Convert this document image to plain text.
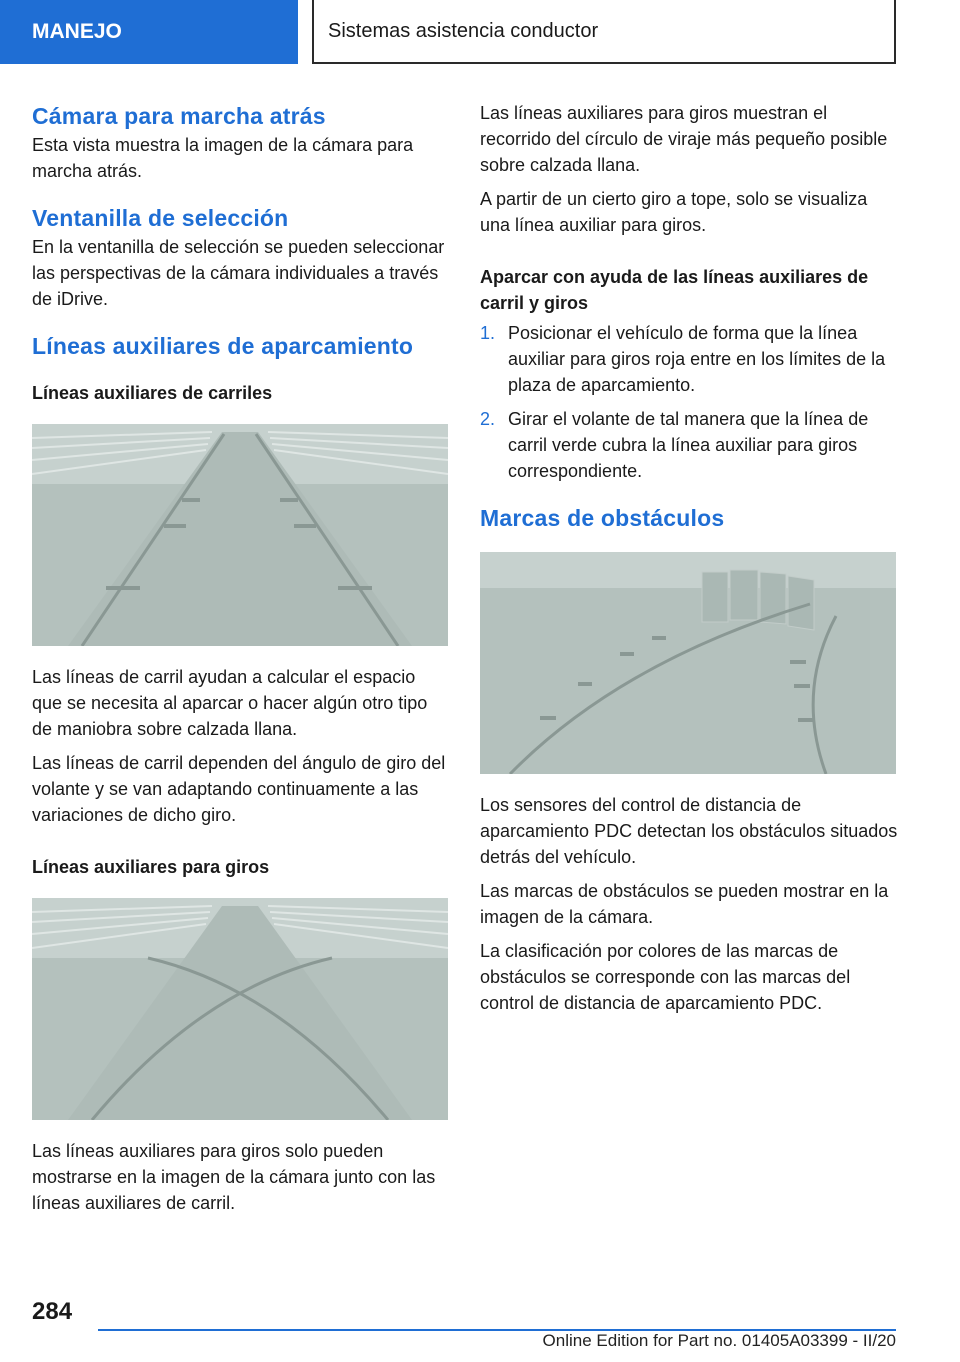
MANEJO	Sistemas asistencia conductor
Cámara para marcha atrás

Esta vista muestra la imagen de la cámara para marcha atrás.

Ventanilla de selección

En la ventanilla de selección se pueden seleccionar las perspectivas de la cámara individuales a través de iDrive.

Líneas auxiliares de aparcamiento
Líneas auxiliares de carriles

Las líneas de carril ayudan a calcular el espacio que se necesita al aparcar o hacer algún otro tipo de maniobra sobre calzada llana.

Las líneas de carril dependen del ángulo de giro del volante y se van adaptando continuamente a las variaciones de dicho giro.

Líneas auxiliares para giros

Las líneas auxiliares para giros solo pueden mostrarse en la imagen de la cámara junto con las líneas auxiliares de carril.

Las líneas auxiliares para giros muestran el recorrido del círculo de viraje más pequeño posible sobre calzada llana.

A partir de un cierto giro a tope, solo se visualiza una línea auxiliar para giros.

Aparcar con ayuda de las líneas auxiliares de carril y giros
1. Posicionar el vehículo de forma que la línea auxiliar para giros roja entre en los límites de la plaza de aparcamiento.
2. Girar el volante de tal manera que la línea de carril verde cubra la línea auxiliar para giros correspondiente.
Marcas de obstáculos

Los sensores del control de distancia de aparcamiento PDC detectan los obstáculos situados detrás del vehículo.

Las marcas de obstáculos se pueden mostrar en la imagen de la cámara.

La clasificación por colores de las marcas de obstáculos se corresponde con las marcas del control de distancia de aparcamiento PDC.

284
Online Edition for Part no. 01405A03399 - II/20
